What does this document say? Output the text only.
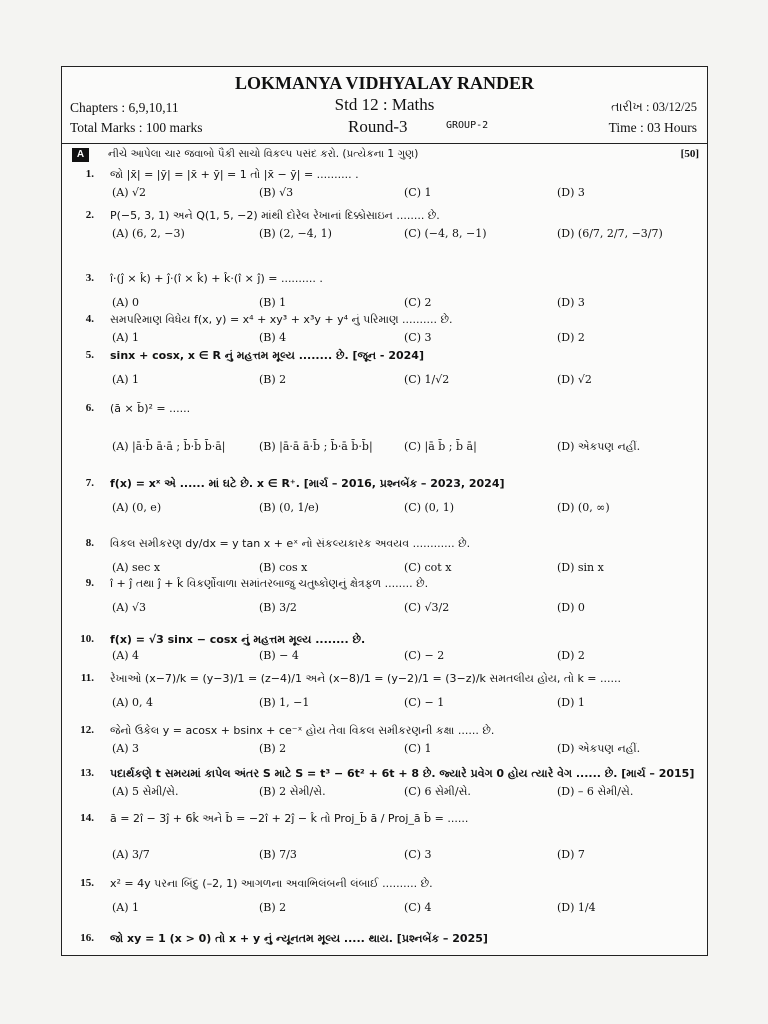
LOKMANYA VIDHYALAY RANDER
Std 12 : Maths
Chapters : 6,9,10,11
Total Marks : 100 marks	Round-3	GROUP-2
તારીખ : 03/12/25
Time : 03 Hours
A	નીચે આપેલા ચાર જવાબો પૈકી સાચો વિકલ્પ પસંદ કરો. (પ્રત્યેકના 1 ગુણ)	[50]
1. જો |x̄| = |ȳ| = |x̄ + ȳ| = 1 તો |x̄ − ȳ| = .......... .
(A) √2	(B) √3	(C) 1	(D) 3
2. P(−5, 3, 1) અને Q(1, 5, −2) માંથી દોરેલ રેખાનાં દિક્કોસાઇન ........ છે.
(A) (6, 2, −3)	(B) (2, −4, 1)	(C) (−4, 8, −1)	(D) (6/7, 2/7, −3/7)
3. î·(ĵ × k̂) + ĵ·(î × k̂) + k̂·(î × ĵ) = .......... .
(A) 0	(B) 1	(C) 2	(D) 3
4. સમપરિમાણ વિધેય f(x, y) = x⁴ + xy³ + x³y + y⁴ નું પરિમાણ .......... છે.
(A) 1	(B) 4	(C) 3	(D) 2
5. sinx + cosx, x ∈ R નું મહત્તમ મૂલ્ય ........ છે. [જૂન - 2024]
(A) 1	(B) 2	(C) 1/√2	(D) √2
6. (ā × b̄)² = ......
(A) |ā·b̄ ā·ā ; b̄·b̄ b̄·ā|	(B) |ā·ā ā·b̄ ; b̄·ā b̄·b̄|	(C) |ā b̄ ; b̄ ā|	(D) એકપણ નહીં.
7. f(x) = xˣ એ ...... માં ઘટે છે. x ∈ R⁺. [માર્ચ – 2016, પ્રશ્નબેંક – 2023, 2024]
(A) (0, e)	(B) (0, 1/e)	(C) (0, 1)	(D) (0, ∞)
8. વિકલ સમીકરણ dy/dx = y tan x + eˣ નો સંકલ્યકારક અવયવ ............ છે.
(A) sec x	(B) cos x	(C) cot x	(D) sin x
9. î + ĵ તથા ĵ + k̂ વિકર્ણોવાળા સમાંતરબાજુ ચતુષ્કોણનું ક્ષેત્રફળ ........ છે.
(A) √3	(B) 3/2	(C) √3/2	(D) 0
10. f(x) = √3 sinx − cosx નું મહત્તમ મૂલ્ય ........ છે.
(A) 4	(B) − 4	(C) − 2	(D) 2
11. રેખાઓ (x−7)/k = (y−3)/1 = (z−4)/1 અને (x−8)/1 = (y−2)/1 = (3−z)/k સમતલીય હોય, તો k = ......
(A) 0, 4	(B) 1, −1	(C) − 1	(D) 1
12. જેનો ઉકેલ y = acosx + bsinx + ce⁻ˣ હોય તેવા વિકલ સમીકરણની કક્ષા ...... છે.
(A) 3	(B) 2	(C) 1	(D) એકપણ નહીં.
13. પદાર્થકણે t સમયમાં કાપેલ અંતર S માટે S = t³ − 6t² + 6t + 8 છે. જ્યારે પ્રવેગ 0 હોય ત્યારે વેગ ...... છે. [માર્ચ – 2015]
(A) 5 સેમી/સે.	(B) 2 સેમી/સે.	(C) 6 સેમી/સે.	(D) – 6 સેમી/સે.
14. ā = 2î − 3ĵ + 6k̂ અને b̄ = −2î + 2ĵ − k̂ તો Proj_b̄ ā / Proj_ā b̄ = ......
(A) 3/7	(B) 7/3	(C) 3	(D) 7
15. x² = 4y પરના બિંદુ (–2, 1) આગળના અવાભિલંબની લંબાઈ .......... છે.
(A) 1	(B) 2	(C) 4	(D) 1/4
16. જો xy = 1 (x > 0) તો x + y નું ન્યૂનતમ મૂલ્ય ..... થાય. [પ્રશ્નબેંક – 2025]
